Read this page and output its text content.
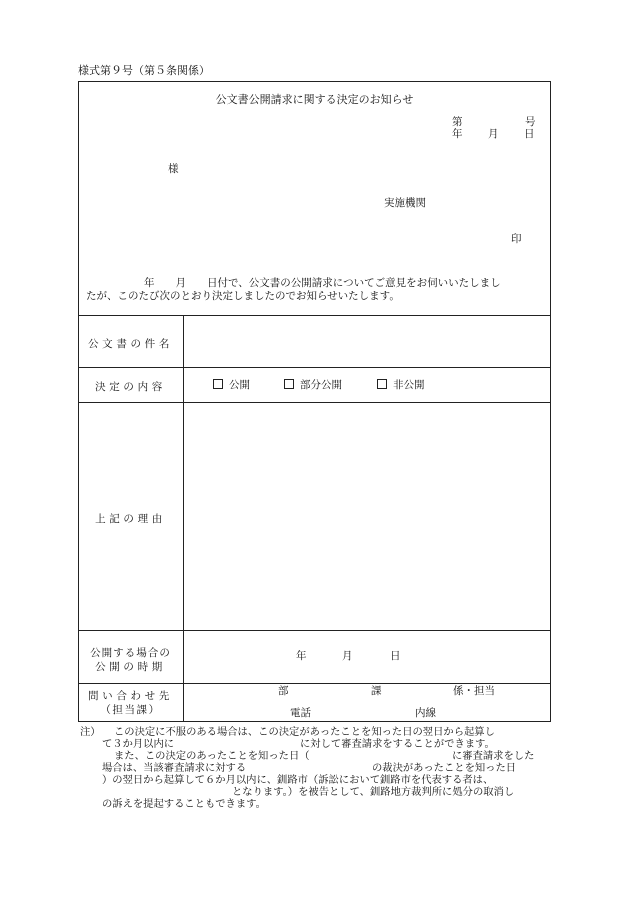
様式第９号（第５条関係）
公文書公開請求に関する決定のお知らせ
第	号
年 月 日
様
実施機関
印
年　　月　　日付で、公文書の公開請求についてご意見をお伺いいたしまし
たが、このたび次のとおり決定しましたのでお知らせいたします。
公文書の件名
決定の内容	公開	部分公開	非公開
上記の理由
公開する場合の
公開の時期
年	月	日
問い合わせ先
（担当課）
部	課	係・担当
電話	内線
注） この決定に不服のある場合は、この決定があったことを知った日の翌日から起算し
て３か月以内に	に対して審査請求をすることができます。
また、この決定のあったことを知った日（	に審査請求をした
場合は、当該審査請求に対する	の裁決があったことを知った日
）の翌日から起算して６か月以内に、釧路市（訴訟において釧路市を代表する者は、
となります。）を被告として、釧路地方裁判所に処分の取消し
の訴えを提起することもできます。
